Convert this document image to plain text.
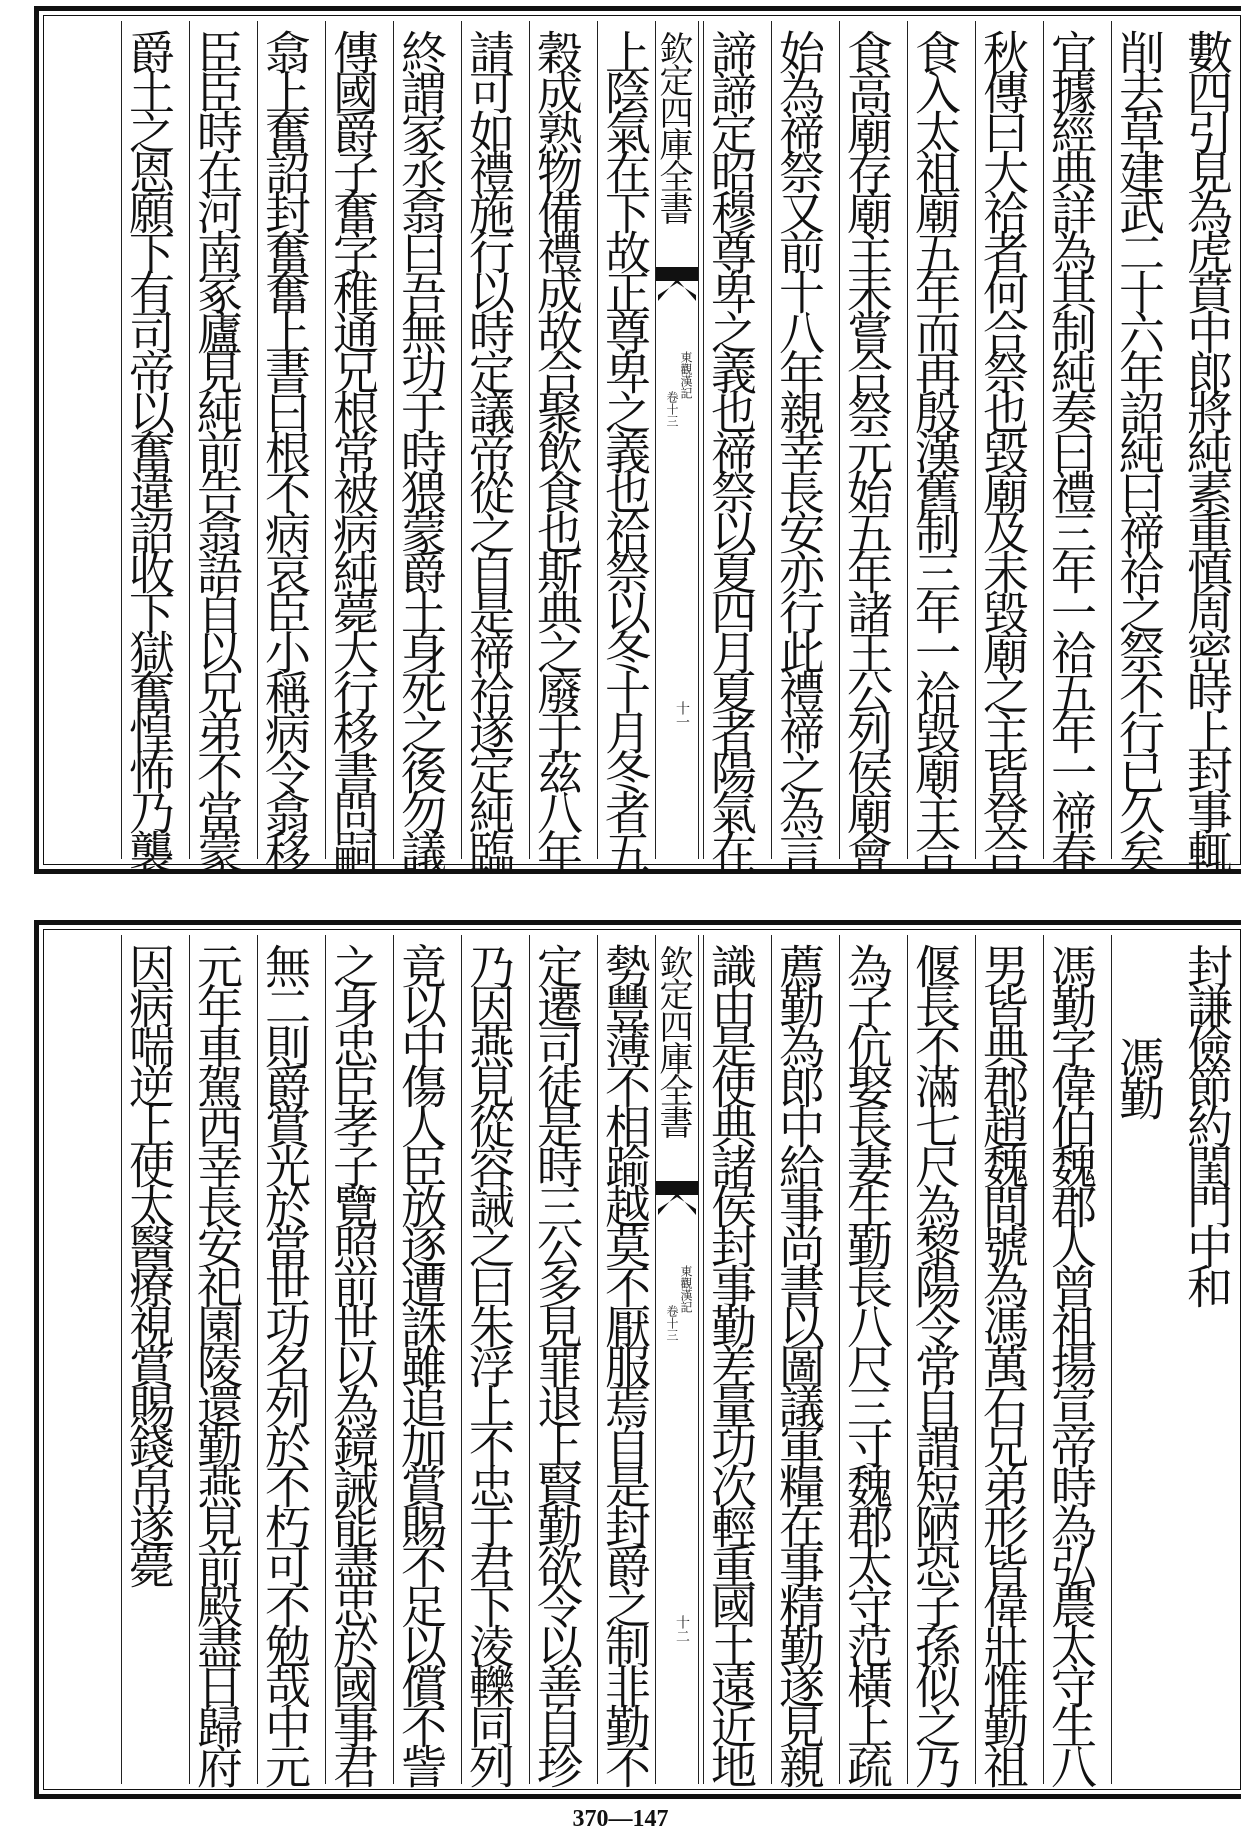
數四引見為虎賁中郎將純素重慎周密時上封事輒
削去草建武二十六年詔純曰禘祫之祭不行已久矣
宜據經典詳為其制純奏曰禮三年一祫五年一禘春
秋傳曰大祫者何合祭也毀廟及未毀廟之主皆登合
食入太祖廟五年而再殷漢舊制三年一祫毀廟主合
食高廟存廟主未嘗合祭元始五年諸王公列侯廟會
始為禘祭又前十八年親幸長安亦行此禮禘之為言
諦諦定昭穆尊卑之義也禘祭以夏四月夏者陽氣在
欽定四庫全書
東觀漢記
卷十三
十一
上陰氣在下故正尊卑之義也祫祭以冬十月冬者五
穀成熟物備禮成故合聚飲食也斯典之廢于茲八年
請可如禮施行以時定議帝從之自是禘祫遂定純臨
終謂家丞翕曰吾無功于時猥蒙爵土身死之後勿議
傳國爵子奮字稚通兄根常被病純薨大行移書問嗣
翕上奮詔封奮奮上書曰根不病哀臣小稱病令翕移
臣臣時在河南冢廬見純前告翕語自以兄弟不當蒙
爵土之恩願下有司帝以奮違詔收下獄奮惶怖乃襲
封謙儉節約閨門中和
馮勤
馮勤字偉伯魏郡人曾祖揚宣帝時為弘農太守生八
男皆典郡趙魏間號為馮萬石兄弟形皆偉壯惟勤祖
偃長不滿七尺為黎陽令常自謂短陋恐子孫似之乃
為子伉娶長妻生勤長八尺三寸魏郡太守范橫上疏
薦勤為郎中給事尚書以圖議軍糧在事精勤遂見親
識由是使典諸侯封事勤差量功次輕重國土遠近地
欽定四庫全書
東觀漢記
卷十三
十二
勢豐薄不相踰越莫不厭服焉自是封爵之制非勤不
定遷司徒是時三公多見罪退上賢勤欲令以善自珍
乃因燕見從容誡之曰朱浮上不忠于君下淩轢同列
竟以中傷人臣放逐遭誅雖追加賞賜不足以償不訾
之身忠臣孝子覽照前世以為鏡誡能盡忠於國事君
無二則爵賞光於當世功名列於不朽可不勉哉中元
元年車駕西幸長安祀園陵還勤燕見前殿盡日歸府
因病喘逆上使太醫療視賞賜錢帛遂薨
370—147
